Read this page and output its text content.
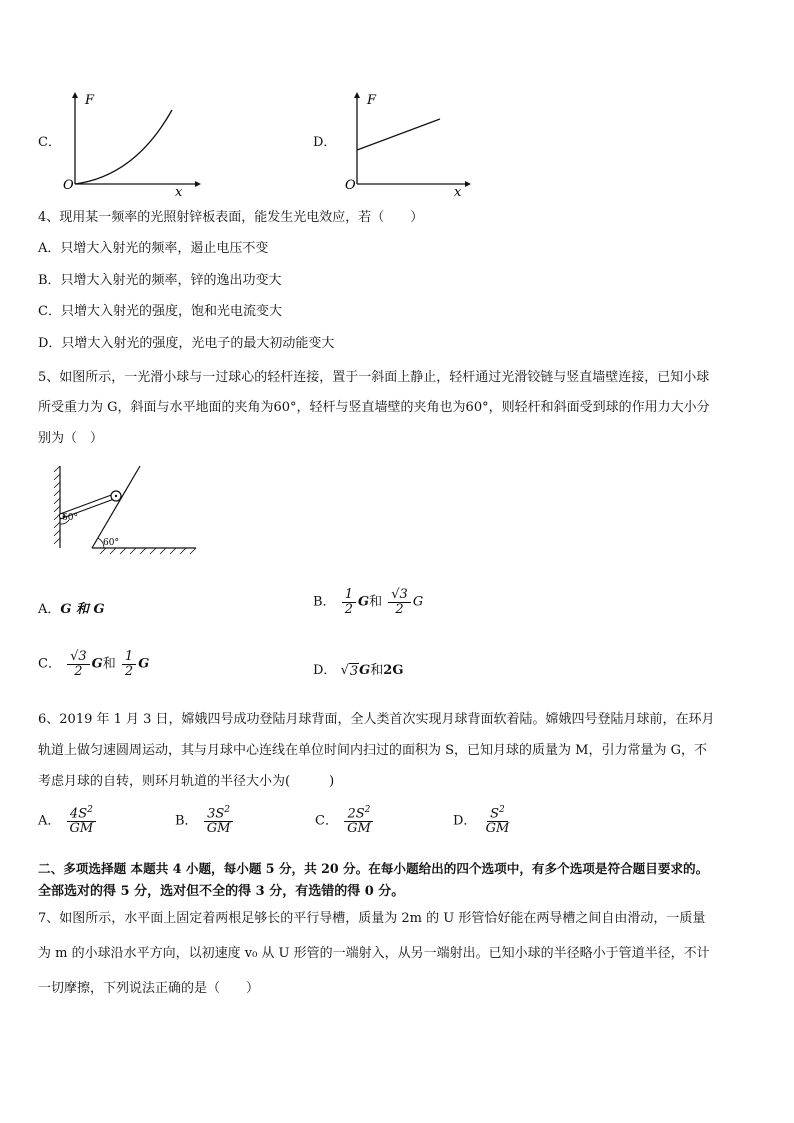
C．
F
O	x
D．
F
O	x
4、现用某一频率的光照射锌板表面，能发生光电效应，若（　　）
A．只增大入射光的频率，遏止电压不变
B．只增大入射光的频率，锌的逸出功变大
C．只增大入射光的强度，饱和光电流变大
D．只增大入射光的强度，光电子的最大初动能变大
5、如图所示，一光滑小球与一过球心的轻杆连接，置于一斜面上静止，轻杆通过光滑铰链与竖直墙壁连接，已知小球
所受重力为 G，斜面与水平地面的夹角为60°，轻杆与竖直墙壁的夹角也为60°，则轻杆和斜面受到球的作用力大小分
别为（　）
60°
60°
A．G 和 G	B． $\frac{1}{2}$ G和 $\frac{√3}{2}$ G
C． $\frac{√3}{2}$ G和 $\frac{1}{2}$ G	D． √ 3 G和2G
6、2019 年 1 月 3 日，嫦娥四号成功登陆月球背面，全人类首次实现月球背面软着陆。嫦娥四号登陆月球前，在环月
轨道上做匀速圆周运动，其与月球中心连线在单位时间内扫过的面积为 S，已知月球的质量为 M，引力常量为 G，不
考虑月球的自转，则环月轨道的半径大小为(　　　)
A． $\frac{4S^2}{GM}$	B． $\frac{3S^2}{GM}$	C． $\frac{2S^2}{GM}$	D． $\frac{S^2}{GM}$
二、多项选择题 本题共 4 小题，每小题 5 分，共 20 分。在每小题给出的四个选项中，有多个选项是符合题目要求的。
全部选对的得 5 分，选对但不全的得 3 分，有选错的得 0 分。
7、如图所示，水平面上固定着两根足够长的平行导槽，质量为 2m 的 U 形管恰好能在两导槽之间自由滑动，一质量
为 m 的小球沿水平方向，以初速度 v₀ 从 U 形管的一端射入，从另一端射出。已知小球的半径略小于管道半径，不计
一切摩擦，下列说法正确的是（　　）
